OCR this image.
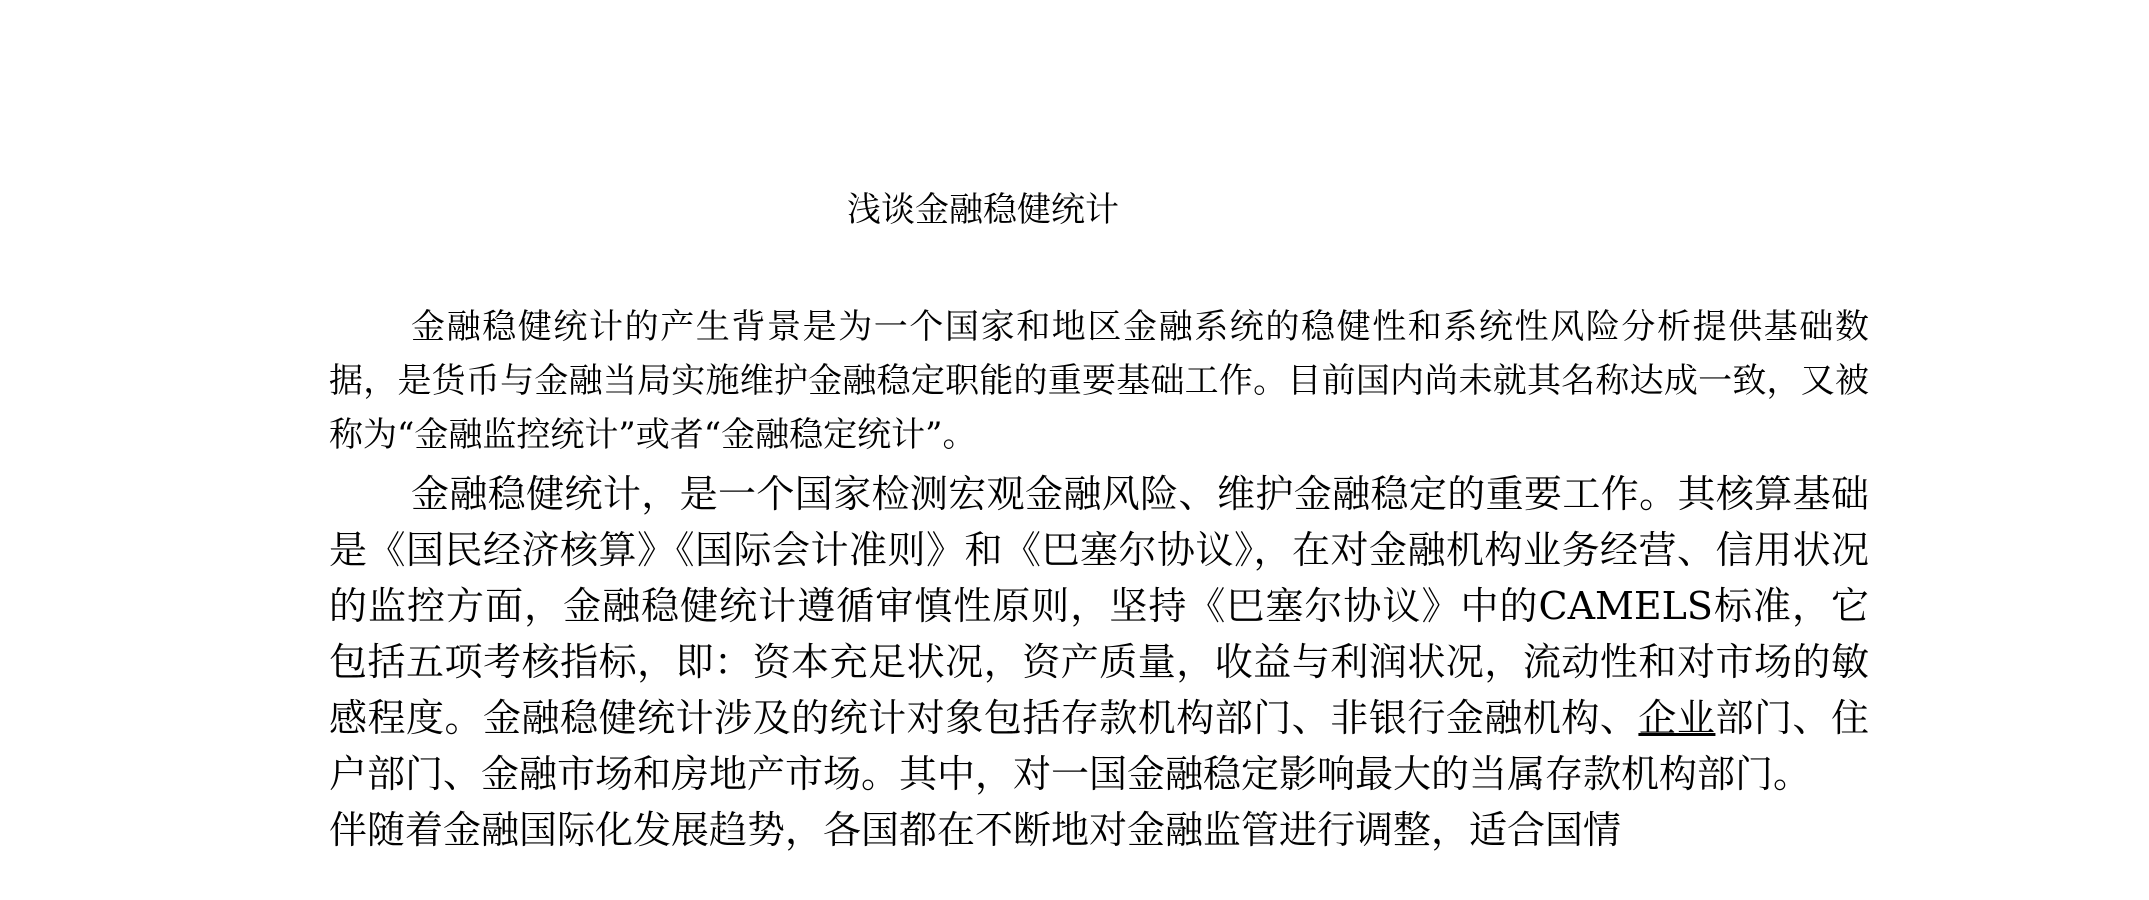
浅谈金融稳健统计

金融稳健统计的产生背景是为一个国家和地区金融系统的稳健性和系统性风险分析提供基础数据，是货币与金融当局实施维护金融稳定职能的重要基础工作。目前国内尚未就其名称达成一致，又被称为“金融监控统计”或者“金融稳定统计”。

金融稳健统计，是一个国家检测宏观金融风险、维护金融稳定的重要工作。其核算基础是《国民经济核算》《国际会计准则》和《巴塞尔协议》，在对金融机构业务经营、信用状况的监控方面，金融稳健统计遵循审慎性原则，坚持《巴塞尔协议》中的CAMELS标准，它包括五项考核指标，即：资本充足状况，资产质量，收益与利润状况，流动性和对市场的敏感程度。金融稳健统计涉及的统计对象包括存款机构部门、非银行金融机构、企业部门、住户部门、金融市场和房地产市场。其中，对一国金融稳定影响最大的当属存款机构部门。

伴随着金融国际化发展趋势，各国都在不断地对金融监管进行调整，适合国情
